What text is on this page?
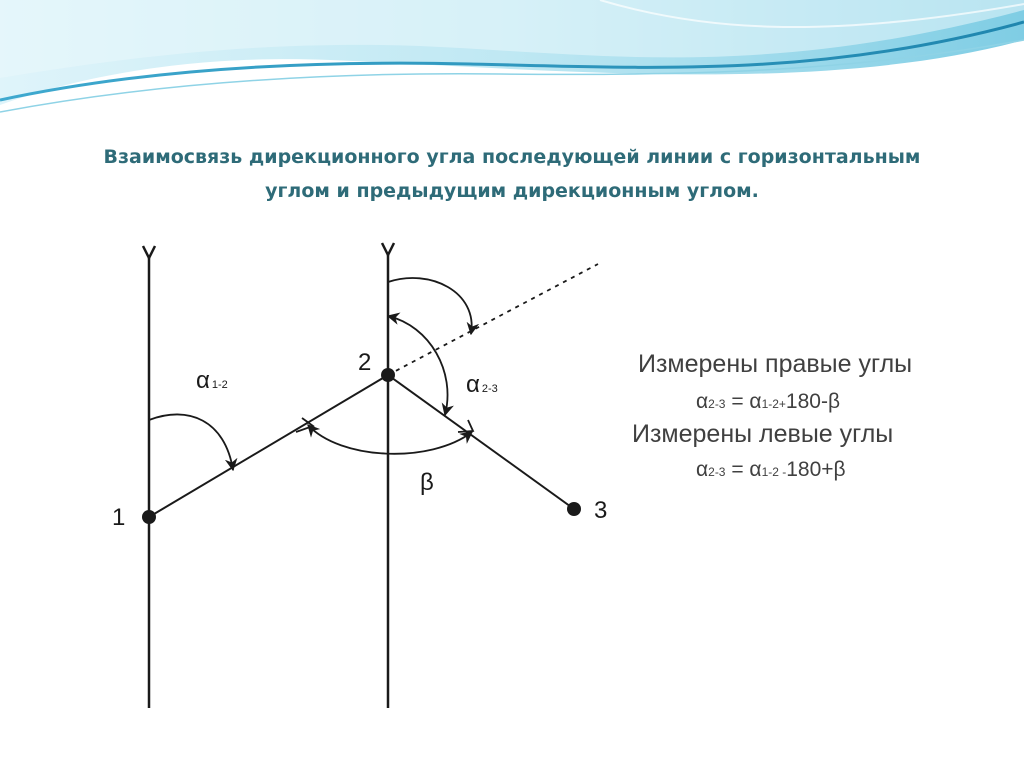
Взаимосвязь дирекционного угла последующей линии с горизонтальным
углом и предыдущим дирекционным углом.
1
2
3
α 1-2	α 2-3
β
Измерены правые углы
α2-3 = α1-2+180-β
Измерены левые углы
α2-3 = α1-2 -180+β
